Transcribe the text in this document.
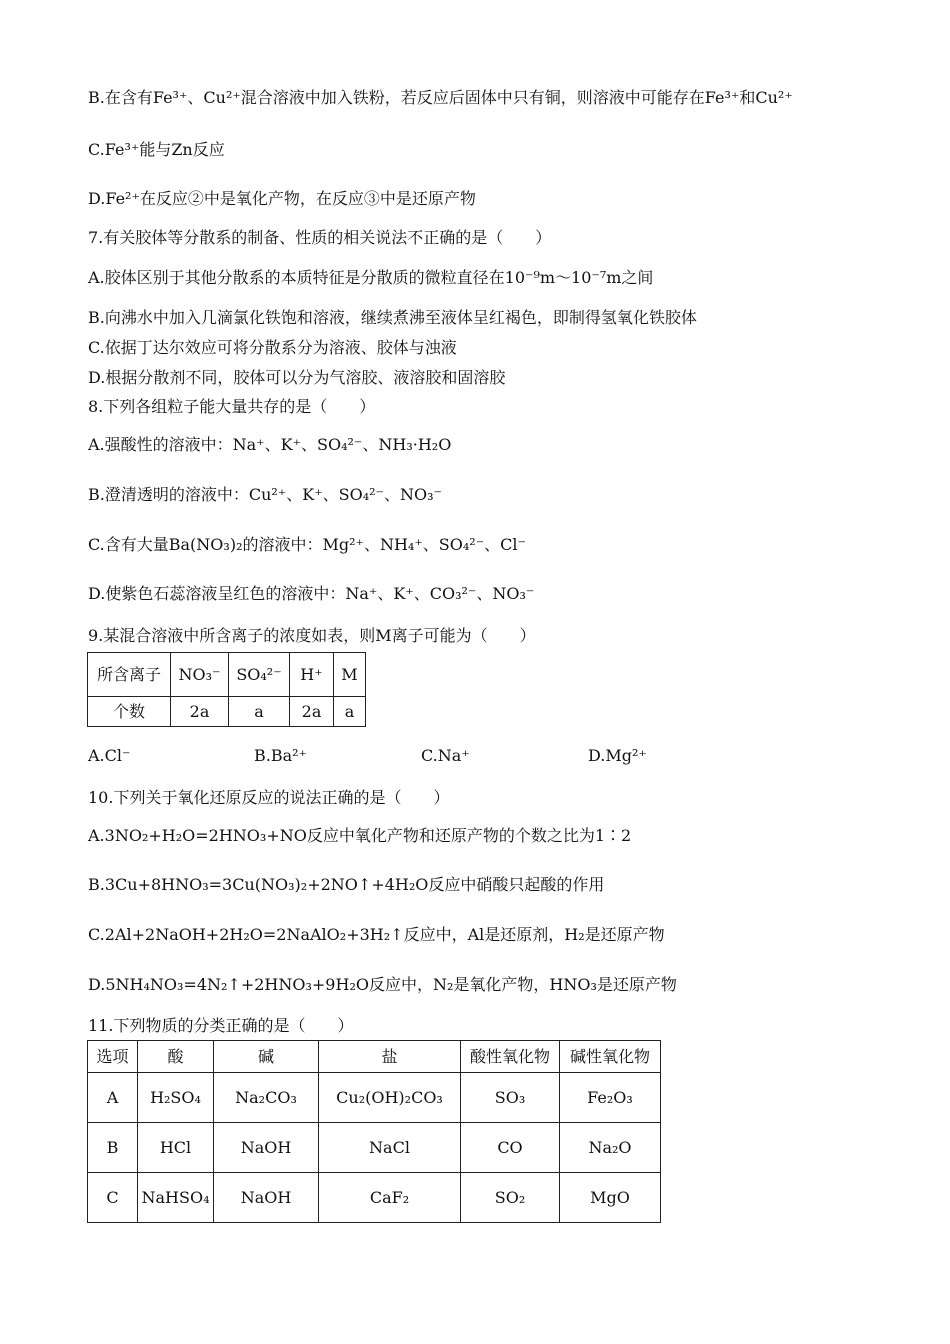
B.在含有Fe³⁺、Cu²⁺混合溶液中加入铁粉，若反应后固体中只有铜，则溶液中可能存在Fe³⁺和Cu²⁺
C.Fe³⁺能与Zn反应
D.Fe²⁺在反应②中是氧化产物，在反应③中是还原产物
7.有关胶体等分散系的制备、性质的相关说法不正确的是（　　）
A.胶体区别于其他分散系的本质特征是分散质的微粒直径在10⁻⁹m～10⁻⁷m之间
B.向沸水中加入几滴氯化铁饱和溶液，继续煮沸至液体呈红褐色，即制得氢氧化铁胶体
C.依据丁达尔效应可将分散系分为溶液、胶体与浊液
D.根据分散剂不同，胶体可以分为气溶胶、液溶胶和固溶胶
8.下列各组粒子能大量共存的是（　　）
A.强酸性的溶液中：Na⁺、K⁺、SO₄²⁻、NH₃·H₂O
B.澄清透明的溶液中：Cu²⁺、K⁺、SO₄²⁻、NO₃⁻
C.含有大量Ba(NO₃)₂的溶液中：Mg²⁺、NH₄⁺、SO₄²⁻、Cl⁻
D.使紫色石蕊溶液呈红色的溶液中：Na⁺、K⁺、CO₃²⁻、NO₃⁻
9.某混合溶液中所含离子的浓度如表，则M离子可能为（　　）
所含离子	NO₃⁻	SO₄²⁻	H⁺	M
个数	2a	a	2a	a
A.Cl⁻	B.Ba²⁺	C.Na⁺	D.Mg²⁺
10.下列关于氧化还原反应的说法正确的是（　　）
A.3NO₂+H₂O=2HNO₃+NO反应中氧化产物和还原产物的个数之比为1∶2
B.3Cu+8HNO₃=3Cu(NO₃)₂+2NO↑+4H₂O反应中硝酸只起酸的作用
C.2Al+2NaOH+2H₂O=2NaAlO₂+3H₂↑反应中，Al是还原剂，H₂是还原产物
D.5NH₄NO₃=4N₂↑+2HNO₃+9H₂O反应中，N₂是氧化产物，HNO₃是还原产物
11.下列物质的分类正确的是（　　）
选项	酸	碱	盐	酸性氧化物	碱性氧化物
A	H₂SO₄	Na₂CO₃	Cu₂(OH)₂CO₃	SO₃	Fe₂O₃
B	HCl	NaOH	NaCl	CO	Na₂O
C	NaHSO₄	NaOH	CaF₂	SO₂	MgO
